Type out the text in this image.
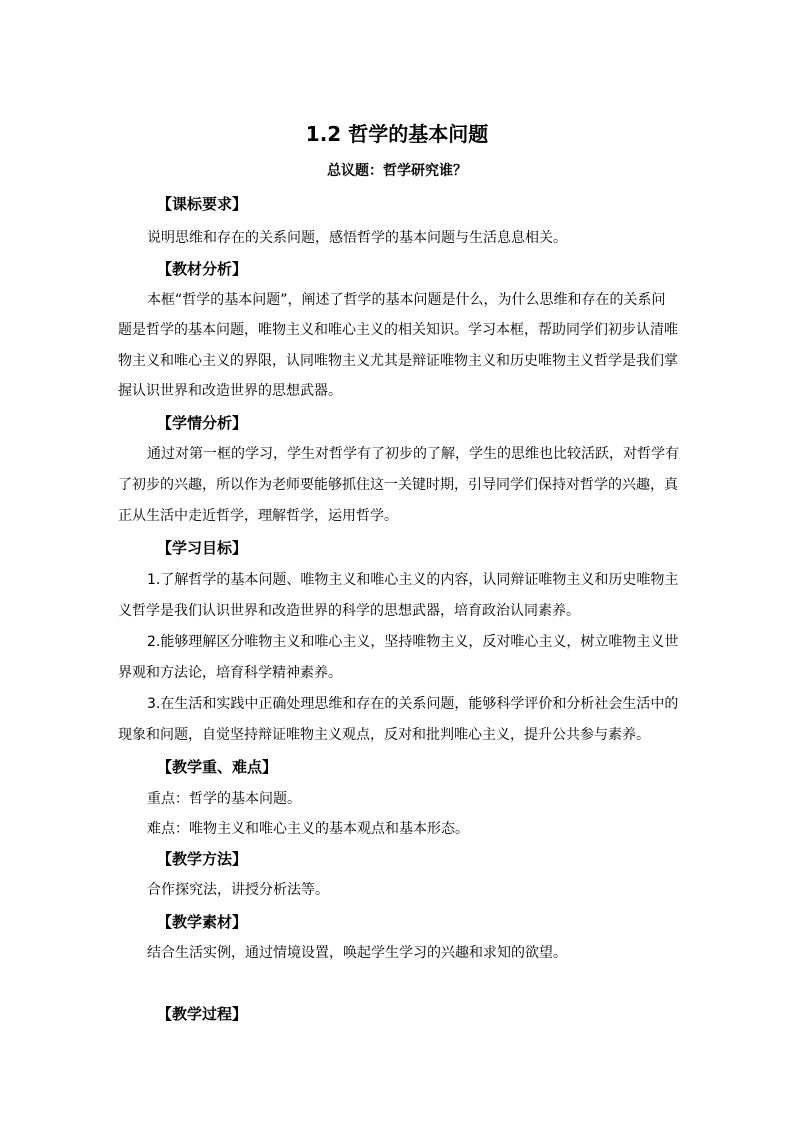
1.2 哲学的基本问题
总议题：哲学研究谁？
【课标要求】
说明思维和存在的关系问题，感悟哲学的基本问题与生活息息相关。
【教材分析】
本框“哲学的基本问题”，阐述了哲学的基本问题是什么，为什么思维和存在的关系问
题是哲学的基本问题，唯物主义和唯心主义的相关知识。学习本框，帮助同学们初步认清唯
物主义和唯心主义的界限，认同唯物主义尤其是辩证唯物主义和历史唯物主义哲学是我们掌
握认识世界和改造世界的思想武器。
【学情分析】
通过对第一框的学习，学生对哲学有了初步的了解，学生的思维也比较活跃，对哲学有
了初步的兴趣，所以作为老师要能够抓住这一关键时期，引导同学们保持对哲学的兴趣，真
正从生活中走近哲学，理解哲学，运用哲学。
【学习目标】
1.了解哲学的基本问题、唯物主义和唯心主义的内容，认同辩证唯物主义和历史唯物主
义哲学是我们认识世界和改造世界的科学的思想武器，培育政治认同素养。
2.能够理解区分唯物主义和唯心主义，坚持唯物主义，反对唯心主义，树立唯物主义世
界观和方法论，培育科学精神素养。
3.在生活和实践中正确处理思维和存在的关系问题，能够科学评价和分析社会生活中的
现象和问题，自觉坚持辩证唯物主义观点，反对和批判唯心主义，提升公共参与素养。
【教学重、难点】
重点：哲学的基本问题。
难点：唯物主义和唯心主义的基本观点和基本形态。
【教学方法】
合作探究法，讲授分析法等。
【教学素材】
结合生活实例，通过情境设置，唤起学生学习的兴趣和求知的欲望。
【教学过程】
